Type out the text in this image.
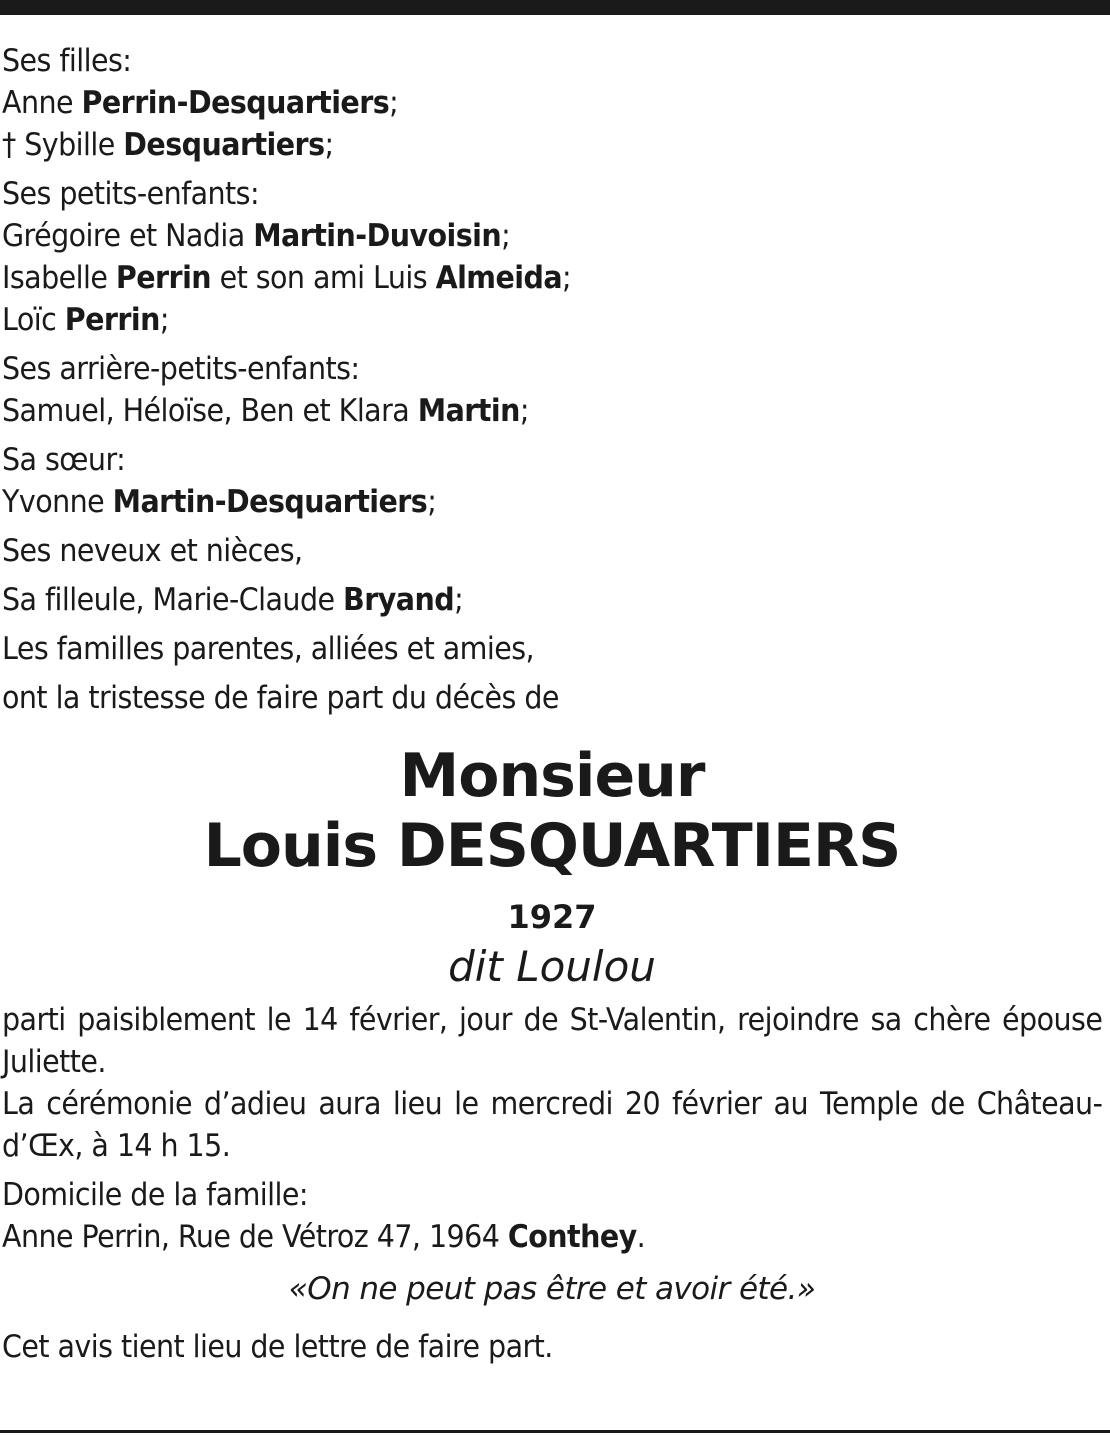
Ses filles:
Anne Perrin-Desquartiers;
† Sybille Desquartiers;
Ses petits-enfants:
Grégoire et Nadia Martin-Duvoisin;
Isabelle Perrin et son ami Luis Almeida;
Loïc Perrin;
Ses arrière-petits-enfants:
Samuel, Héloïse, Ben et Klara Martin;
Sa sœur:
Yvonne Martin-Desquartiers;
Ses neveux et nièces,
Sa filleule, Marie-Claude Bryand;
Les familles parentes, alliées et amies,
ont la tristesse de faire part du décès de
Monsieur
Louis DESQUARTIERS
1927
dit Loulou
parti paisiblement le 14 février, jour de St-Valentin, rejoindre sa chère épouse Juliette.
La cérémonie d’adieu aura lieu le mercredi 20 février au Temple de Château-d’Œx, à 14 h 15.
Domicile de la famille:
Anne Perrin, Rue de Vétroz 47, 1964 Conthey.
«On ne peut pas être et avoir été.»
Cet avis tient lieu de lettre de faire part.
